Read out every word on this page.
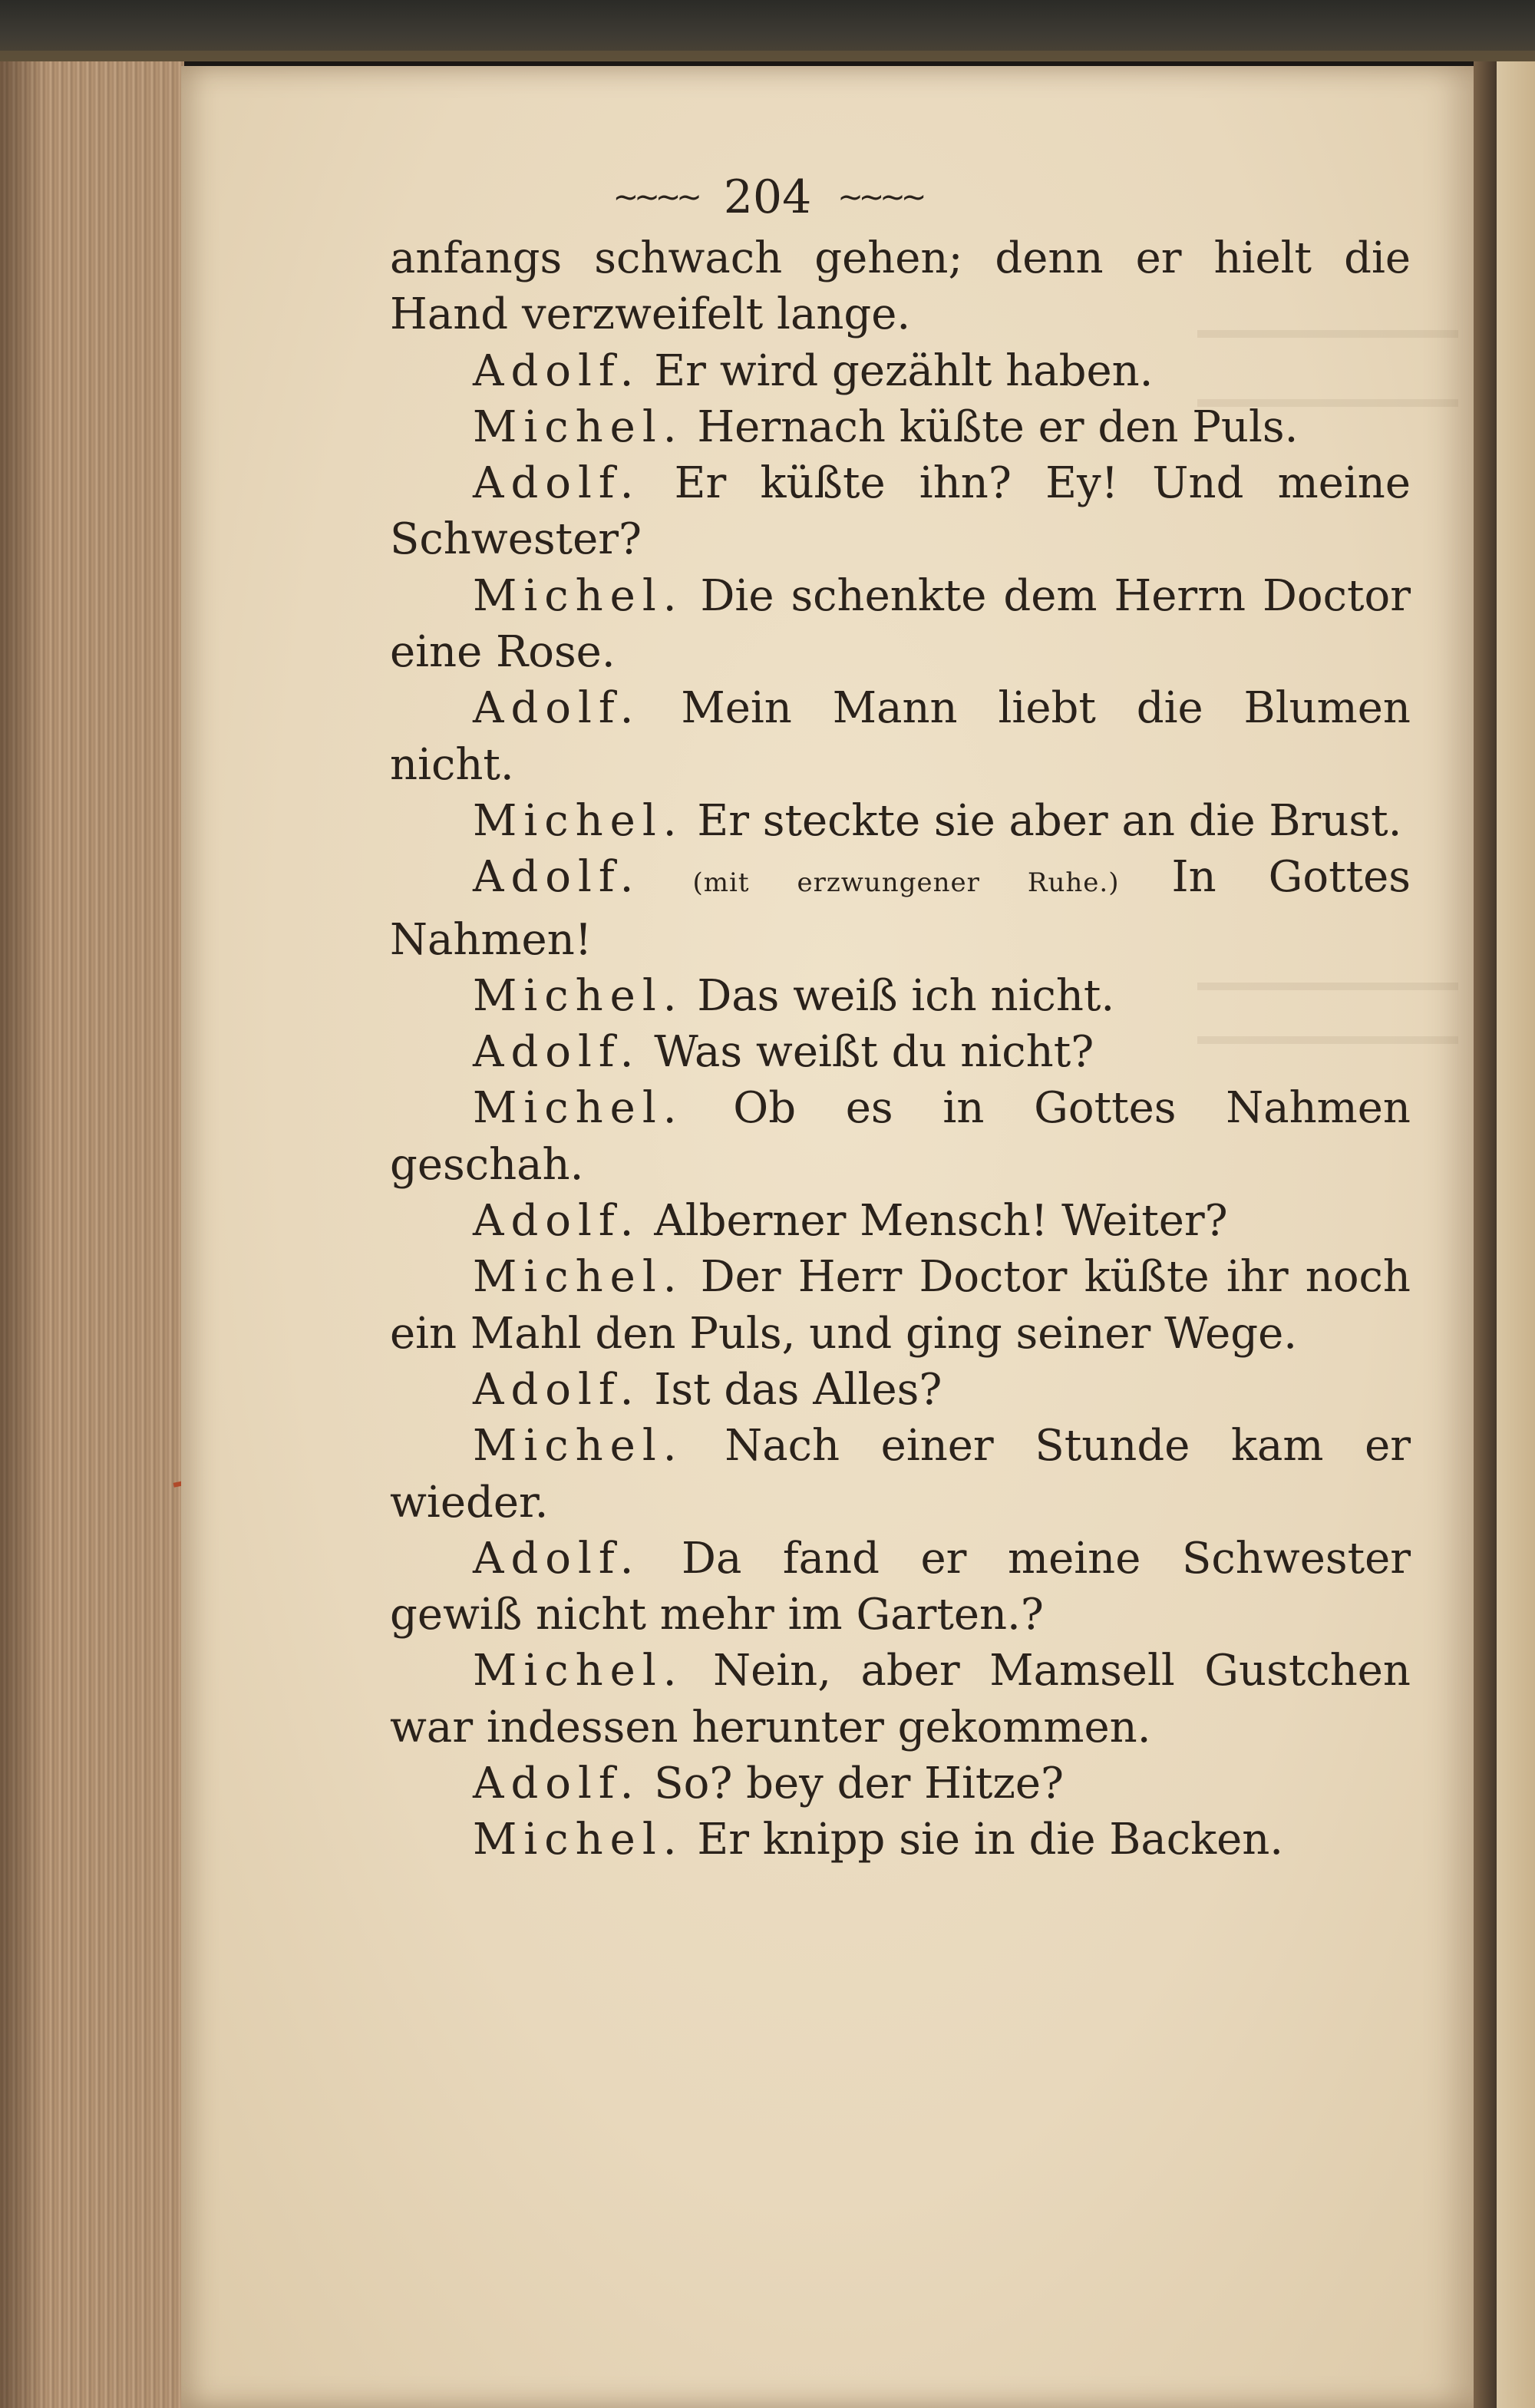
~~~~ 204 ~~~~

anfangs schwach gehen; denn er hielt die Hand verzweifelt lange.

Adolf. Er wird gezählt haben.

Michel. Hernach küßte er den Puls.

Adolf. Er küßte ihn? Ey! Und meine Schwester?

Michel. Die schenkte dem Herrn Doctor eine Rose.

Adolf. Mein Mann liebt die Blumen nicht.

Michel. Er steckte sie aber an die Brust.

Adolf. (mit erzwungener Ruhe.) In Gottes Nahmen!

Michel. Das weiß ich nicht.

Adolf. Was weißt du nicht?

Michel. Ob es in Gottes Nahmen geschah.

Adolf. Alberner Mensch! Weiter?

Michel. Der Herr Doctor küßte ihr noch ein Mahl den Puls, und ging seiner Wege.

Adolf. Ist das Alles?

Michel. Nach einer Stunde kam er wieder.

Adolf. Da fand er meine Schwester gewiß nicht mehr im Garten.?

Michel. Nein, aber Mamsell Gustchen war indessen herunter gekommen.

Adolf. So? bey der Hitze?

Michel. Er knipp sie in die Backen.
